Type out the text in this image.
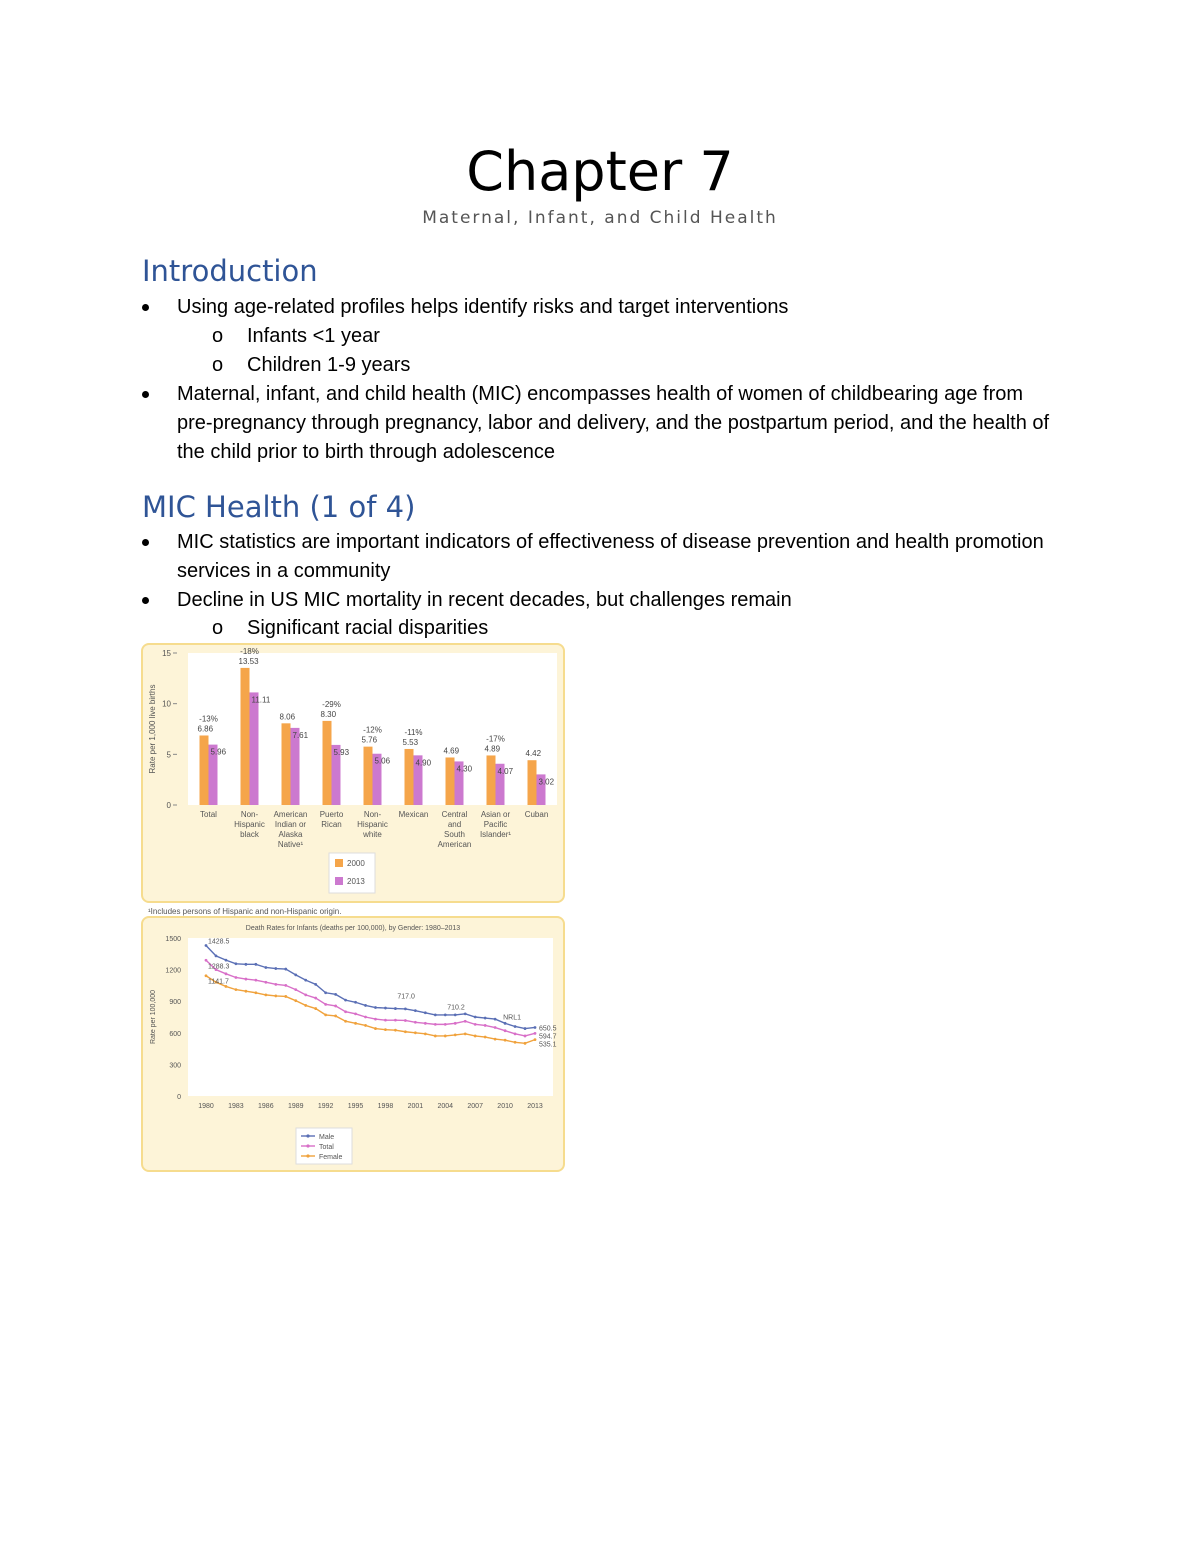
Chapter 7
Maternal, Infant, and Child Health
Introduction
Using age-related profiles helps identify risks and target interventions
o Infants <1 year
o Children 1-9 years
Maternal, infant, and child health (MIC) encompasses health of women of childbearing age from pre-pregnancy through pregnancy, labor and delivery, and the postpartum period, and the health of the child prior to birth through adolescence
MIC Health (1 of 4)
MIC statistics are important indicators of effectiveness of disease prevention and health promotion services in a community
Decline in US MIC mortality in recent decades, but challenges remain
o Significant racial disparities
0
5
10
15
Rate per 1,000 live births	6.86
5.96
-13%
Total
13.53
11.11
-18%
Non-
Hispanic
black
8.06
7.61
American
Indian or
Alaska
Native¹
8.30
5.93
-29%
Puerto
Rican
5.76
5.06
-12%
Non-
Hispanic
white
5.53
4.90
-11%
Mexican
4.69
4.30
Central
and
South
American
4.89
4.07
-17%
Asian or
Pacific
Islander¹
4.42
3.02
Cuban
2000
2013
¹Includes persons of Hispanic and non-Hispanic origin.
Death Rates for Infants (deaths per 100,000), by Gender: 1980–2013
0
300
600
900
1200
1500
Rate per 100,000
1980 1983 1986 1989 1992 1995 1998 2001 2004 2007 2010 2013
1428.5
1288.3
1141.7
717.0
710.2
NRL1
650.5
594.7
535.1
Male
Total
Female
